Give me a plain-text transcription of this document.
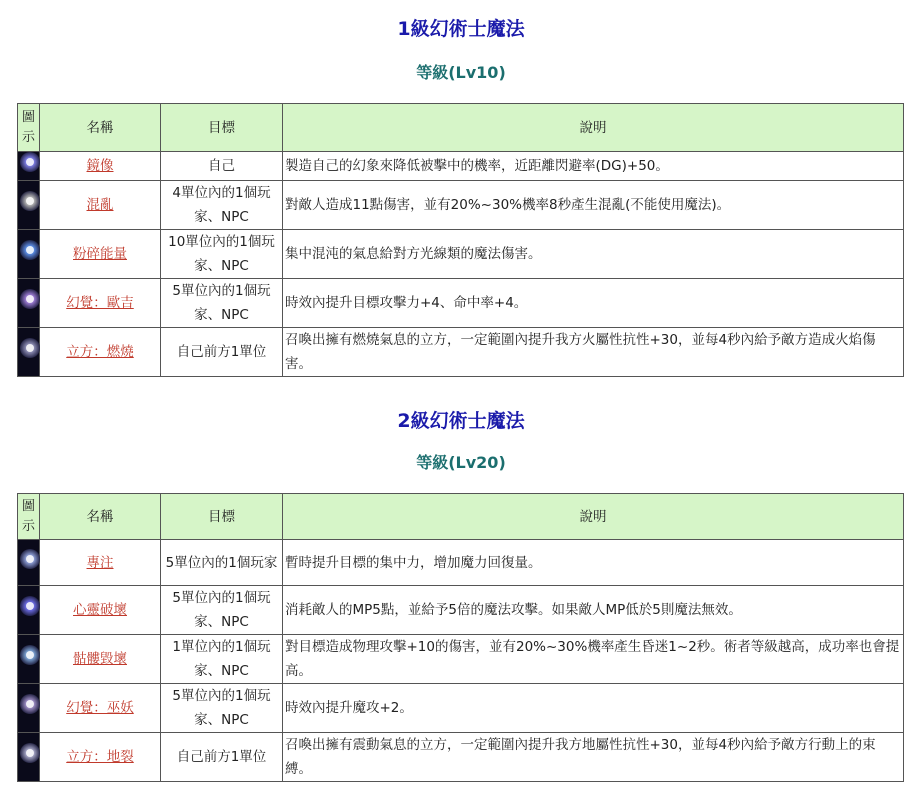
1級幻術士魔法
等級(Lv10)
圖示	名稱	目標	說明
	鏡像	自己	製造自己的幻象來降低被擊中的機率，近距離閃避率(DG)+50。
	混亂	4單位內的1個玩家、NPC	對敵人造成11點傷害，並有20%~30%機率8秒產生混亂(不能使用魔法)。
	粉碎能量	10單位內的1個玩家、NPC	集中混沌的氣息給對方光線類的魔法傷害。
	幻覺：歐吉	5單位內的1個玩家、NPC	時效內提升目標攻擊力+4、命中率+4。
	立方：燃燒	自己前方1單位	召喚出擁有燃燒氣息的立方，一定範圍內提升我方火屬性抗性+30，並每4秒內給予敵方造成火焰傷害。
2級幻術士魔法
等級(Lv20)
圖示	名稱	目標	說明
	專注	5單位內的1個玩家	暫時提升目標的集中力，增加魔力回復量。
	心靈破壞	5單位內的1個玩家、NPC	消耗敵人的MP5點，並給予5倍的魔法攻擊。如果敵人MP低於5則魔法無效。
	骷髏毀壞	1單位內的1個玩家、NPC	對目標造成物理攻擊+10的傷害，並有20%~30%機率產生昏迷1~2秒。術者等級越高，成功率也會提高。
	幻覺：巫妖	5單位內的1個玩家、NPC	時效內提升魔攻+2。
	立方：地裂	自己前方1單位	召喚出擁有震動氣息的立方，一定範圍內提升我方地屬性抗性+30，並每4秒內給予敵方行動上的束縛。
